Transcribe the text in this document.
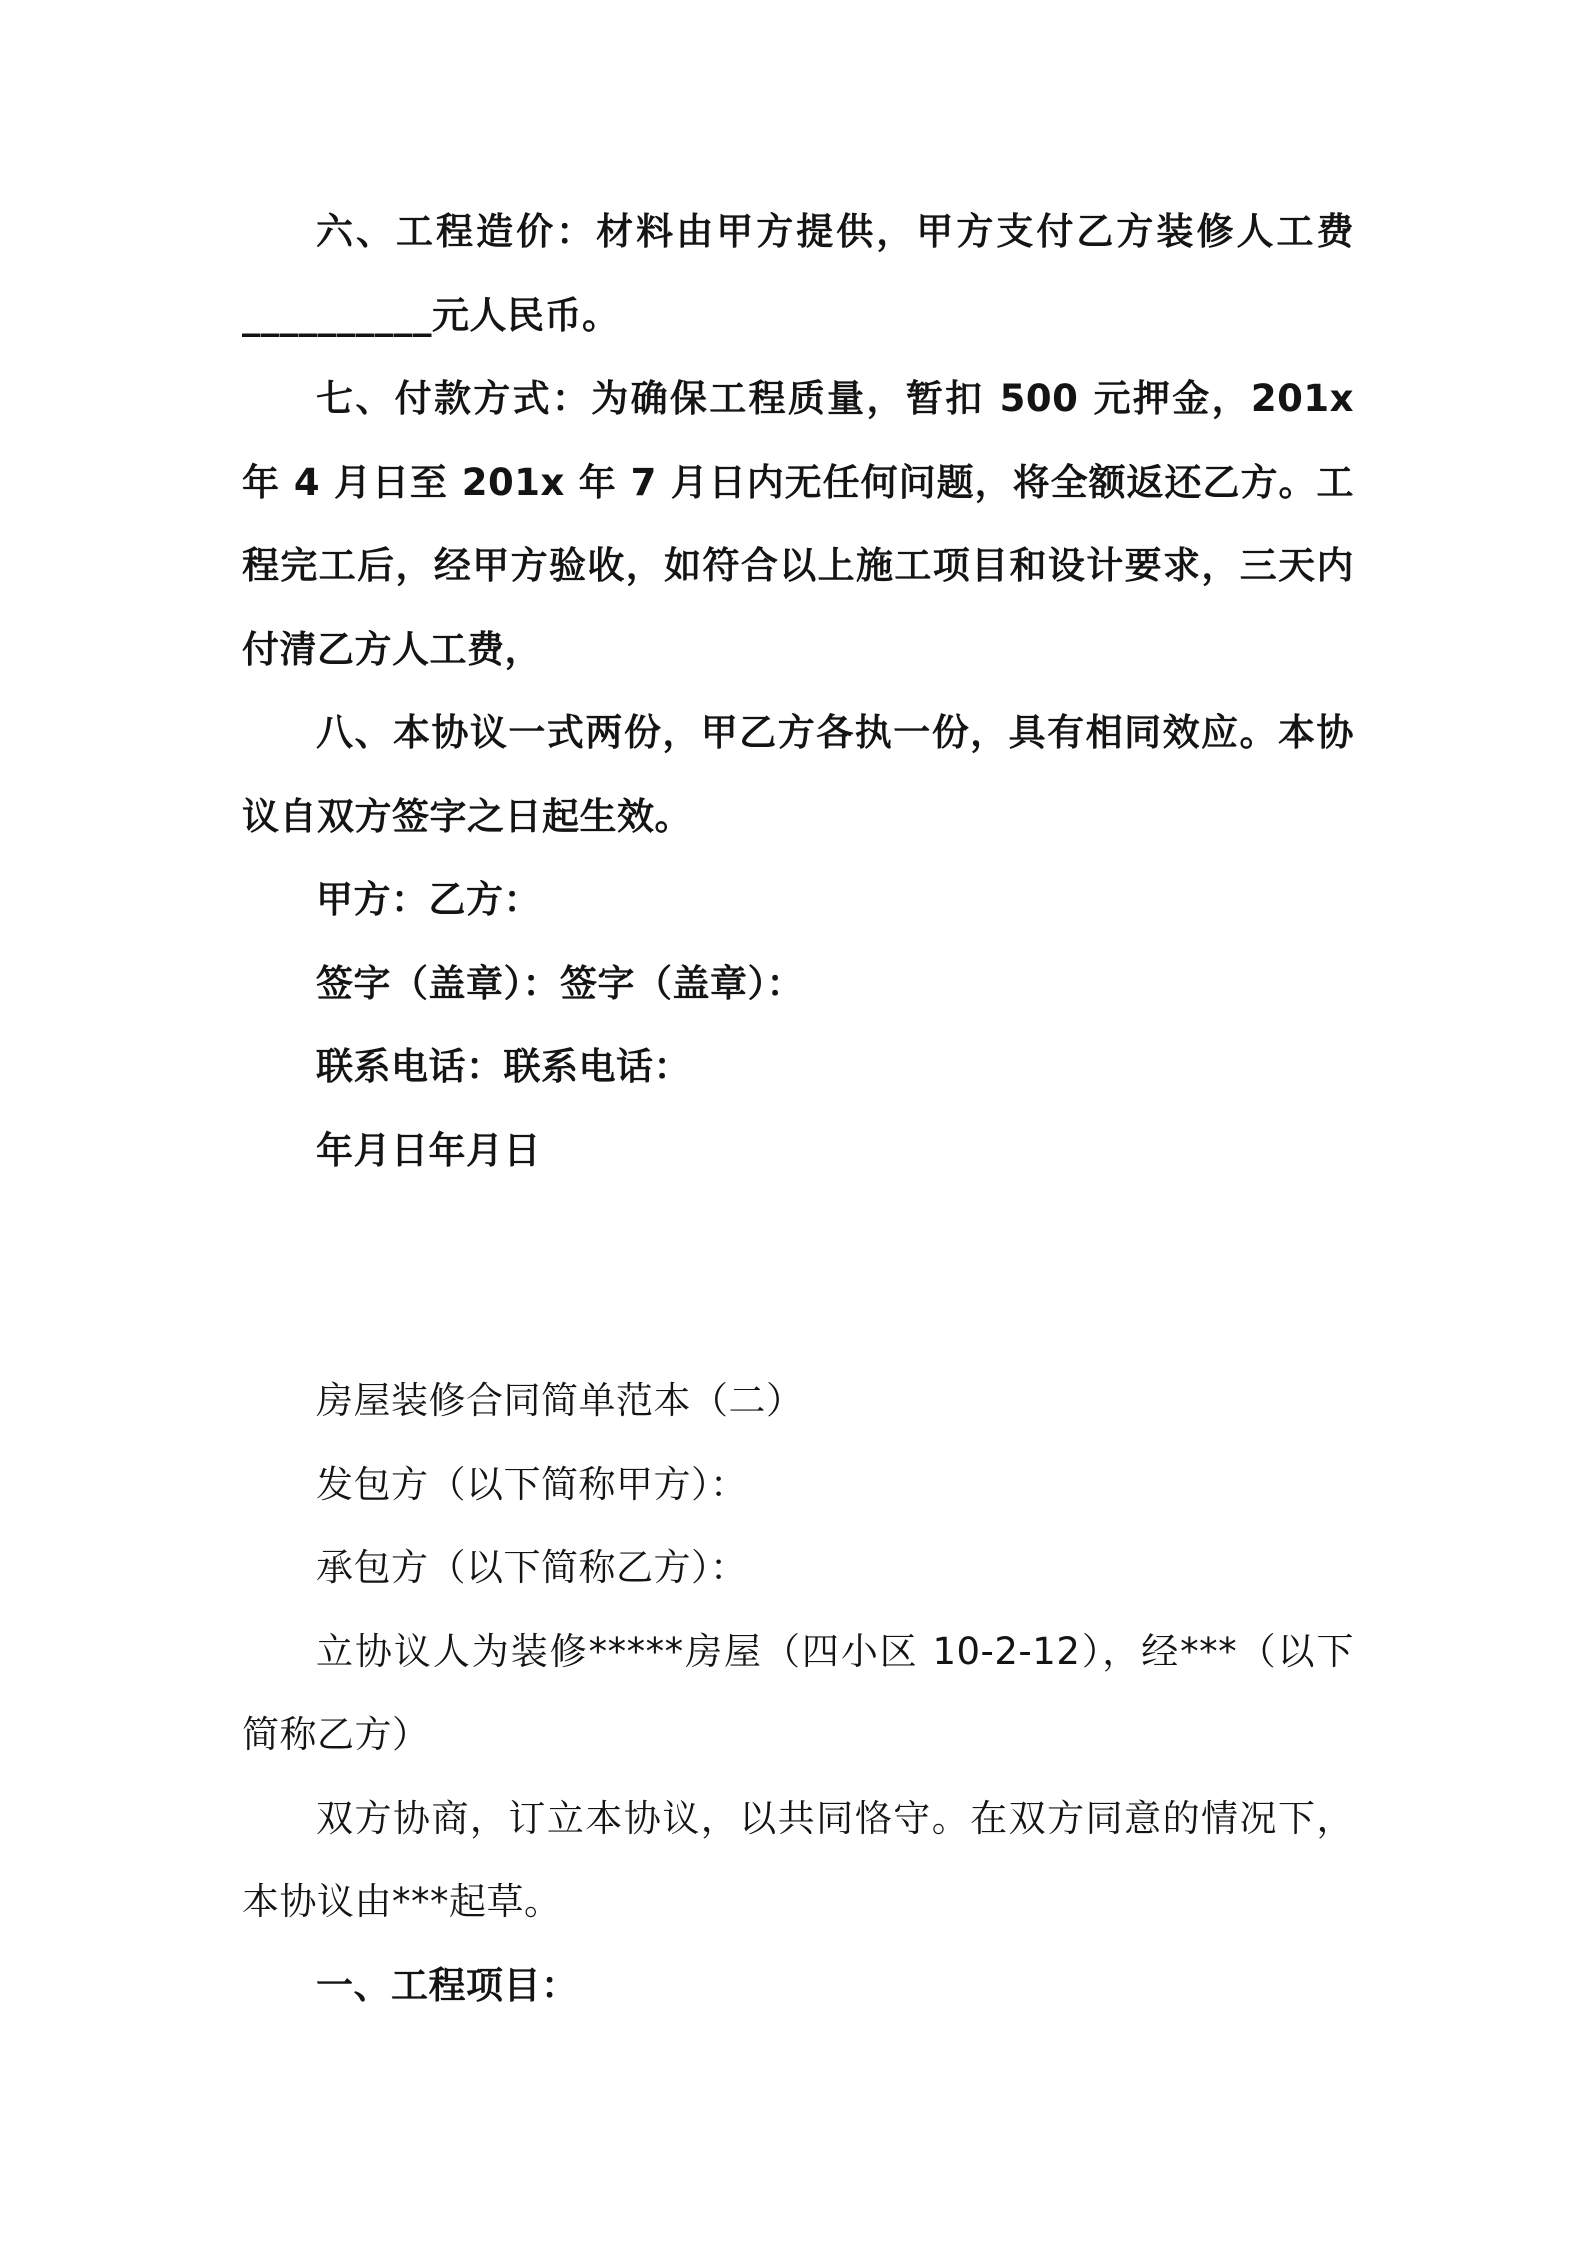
六、工程造价：材料由甲方提供，甲方支付乙方装修人工费__________元人民币。

七、付款方式：为确保工程质量，暂扣 500 元押金，201x 年 4 月日至 201x 年 7 月日内无任何问题，将全额返还乙方。工程完工后，经甲方验收，如符合以上施工项目和设计要求，三天内付清乙方人工费，

八、本协议一式两份，甲乙方各执一份，具有相同效应。本协议自双方签字之日起生效。

甲方：乙方：

签字（盖章）：签字（盖章）：

联系电话：联系电话：

年月日年月日

房屋装修合同简单范本（二）

发包方（以下简称甲方）：

承包方（以下简称乙方）：

立协议人为装修*****房屋（四小区 10-2-12），经***（以下简称乙方）

双方协商，订立本协议，以共同恪守。在双方同意的情况下，本协议由***起草。

一、工程项目：
